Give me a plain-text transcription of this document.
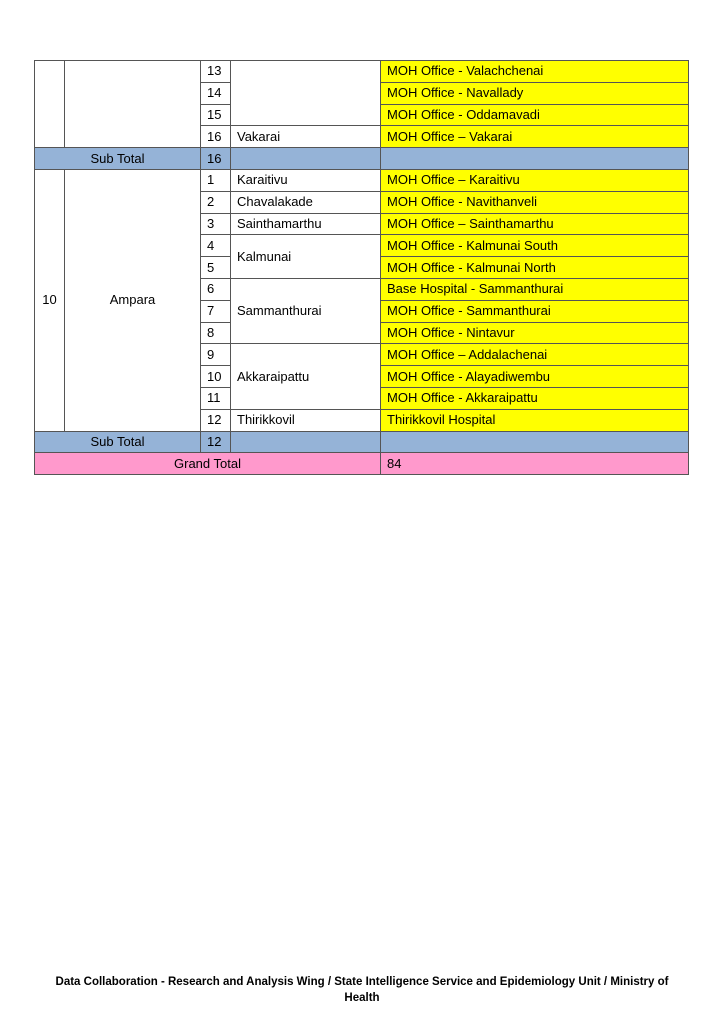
		13		MOH Office - Valachchenai
		14		MOH Office - Navallady
		15		MOH Office - Oddamavadi
		16	Vakarai	MOH Office – Vakarai
Sub Total		16		
10	Ampara	1	Karaitivu	MOH Office – Karaitivu
		2	Chavalakade	MOH Office - Navithanveli
		3	Sainthamarthu	MOH Office – Sainthamarthu
		4	Kalmunai	MOH Office - Kalmunai South
		5		MOH Office - Kalmunai North
		6	Sammanthurai	Base Hospital - Sammanthurai
		7		MOH Office - Sammanthurai
		8		MOH Office - Nintavur
		9	Akkaraipattu	MOH Office – Addalachenai
		10		MOH Office - Alayadiwembu
		11		MOH Office - Akkaraipattu
		12	Thirikkovil	Thirikkovil Hospital
Sub Total		12		
Grand Total				84
Data Collaboration - Research and Analysis Wing / State Intelligence Service and Epidemiology Unit / Ministry of
Health
